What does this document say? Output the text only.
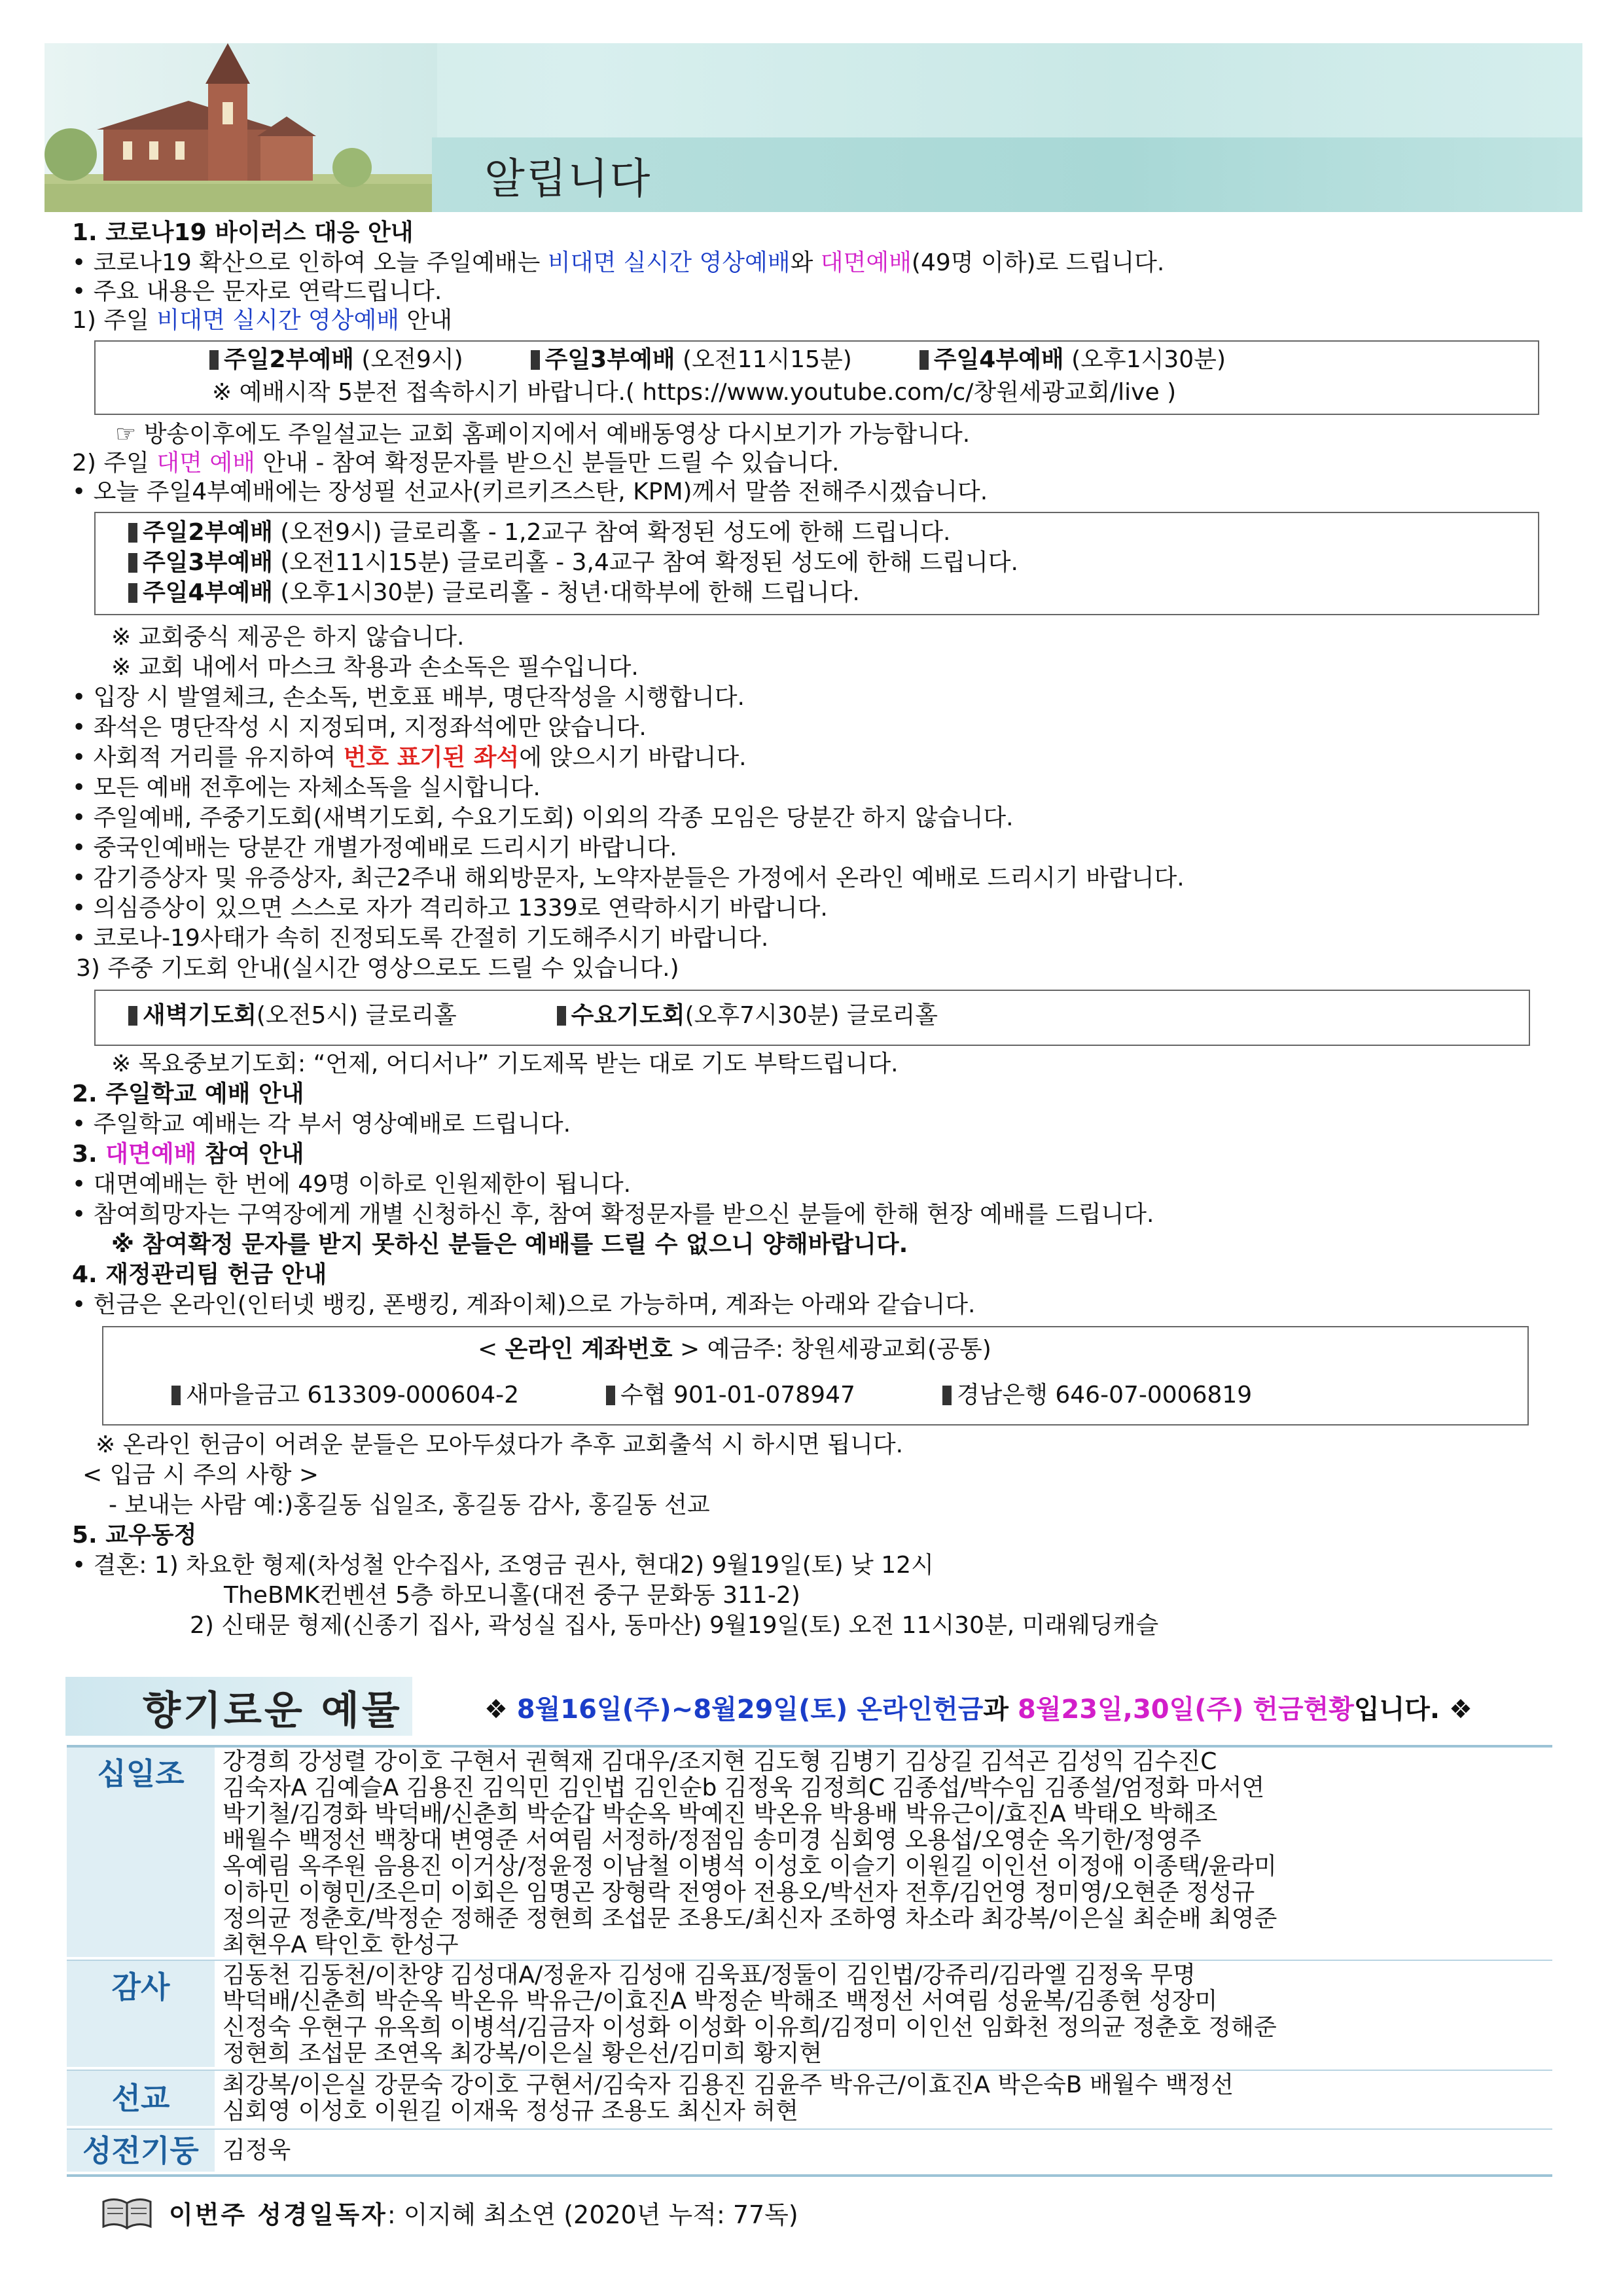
알립니다
1. 코로나19 바이러스 대응 안내
• 코로나19 확산으로 인하여 오늘 주일예배는 비대면 실시간 영상예배와 대면예배(49명 이하)로 드립니다.
• 주요 내용은 문자로 연락드립니다.
1) 주일 비대면 실시간 영상예배 안내
주일2부예배 (오전9시)	주일3부예배 (오전11시15분)	주일4부예배 (오후1시30분)
※ 예배시작 5분전 접속하시기 바랍니다.( https://www.youtube.com/c/창원세광교회/live )
☞ 방송이후에도 주일설교는 교회 홈페이지에서 예배동영상 다시보기가 가능합니다.
2) 주일 대면 예배 안내 - 참여 확정문자를 받으신 분들만 드릴 수 있습니다.
• 오늘 주일4부예배에는 장성필 선교사(키르키즈스탄, KPM)께서 말씀 전해주시겠습니다.
주일2부예배 (오전9시) 글로리홀 - 1,2교구 참여 확정된 성도에 한해 드립니다.
주일3부예배 (오전11시15분) 글로리홀 - 3,4교구 참여 확정된 성도에 한해 드립니다.
주일4부예배 (오후1시30분) 글로리홀 - 청년·대학부에 한해 드립니다.
※ 교회중식 제공은 하지 않습니다.
※ 교회 내에서 마스크 착용과 손소독은 필수입니다.
• 입장 시 발열체크, 손소독, 번호표 배부, 명단작성을 시행합니다.
• 좌석은 명단작성 시 지정되며, 지정좌석에만 앉습니다.
• 사회적 거리를 유지하여 번호 표기된 좌석에 앉으시기 바랍니다.
• 모든 예배 전후에는 자체소독을 실시합니다.
• 주일예배, 주중기도회(새벽기도회, 수요기도회) 이외의 각종 모임은 당분간 하지 않습니다.
• 중국인예배는 당분간 개별가정예배로 드리시기 바랍니다.
• 감기증상자 및 유증상자, 최근2주내 해외방문자, 노약자분들은 가정에서 온라인 예배로 드리시기 바랍니다.
• 의심증상이 있으면 스스로 자가 격리하고 1339로 연락하시기 바랍니다.
• 코로나-19사태가 속히 진정되도록 간절히 기도해주시기 바랍니다.
3) 주중 기도회 안내(실시간 영상으로도 드릴 수 있습니다.)
새벽기도회(오전5시) 글로리홀	수요기도회(오후7시30분) 글로리홀
※ 목요중보기도회: “언제, 어디서나” 기도제목 받는 대로 기도 부탁드립니다.
2. 주일학교 예배 안내
• 주일학교 예배는 각 부서 영상예배로 드립니다.
3. 대면예배 참여 안내
• 대면예배는 한 번에 49명 이하로 인원제한이 됩니다.
• 참여희망자는 구역장에게 개별 신청하신 후, 참여 확정문자를 받으신 분들에 한해 현장 예배를 드립니다.
※ 참여확정 문자를 받지 못하신 분들은 예배를 드릴 수 없으니 양해바랍니다.
4. 재정관리팀 헌금 안내
• 헌금은 온라인(인터넷 뱅킹, 폰뱅킹, 계좌이체)으로 가능하며, 계좌는 아래와 같습니다.
< 온라인 계좌번호 > 예금주: 창원세광교회(공통)
새마을금고 613309-000604-2	수협 901-01-078947	경남은행 646-07-0006819
※ 온라인 헌금이 어려운 분들은 모아두셨다가 추후 교회출석 시 하시면 됩니다.
< 입금 시 주의 사항 >
- 보내는 사람 예:)홍길동 십일조, 홍길동 감사, 홍길동 선교
5. 교우동정
• 결혼: 1) 차요한 형제(차성철 안수집사, 조영금 권사, 현대2) 9월19일(토) 낮 12시
TheBMK컨벤션 5층 하모니홀(대전 중구 문화동 311-2)
2) 신태문 형제(신종기 집사, 곽성실 집사, 동마산) 9월19일(토) 오전 11시30분, 미래웨딩캐슬
향기로운 예물	❖ 8월16일(주)~8월29일(토) 온라인헌금과 8월23일,30일(주) 헌금현황입니다. ❖
십일조	강경희 강성렬 강이호 구현서 권혁재 김대우/조지현 김도형 김병기 김상길 김석곤 김성익 김수진C
김숙자A 김예슬A 김용진 김익민 김인법 김인순b 김정욱 김정희C 김종섭/박수임 김종설/엄정화 마서연
박기철/김경화 박덕배/신춘희 박순갑 박순옥 박예진 박온유 박용배 박유근이/효진A 박태오 박해조
배월수 백정선 백창대 변영준 서여림 서정하/정점임 송미경 심회영 오용섭/오영순 옥기한/정영주
옥예림 옥주원 음용진 이거상/정윤정 이남철 이병석 이성호 이슬기 이원길 이인선 이정애 이종택/윤라미
이하민 이형민/조은미 이회은 임명곤 장형락 전영아 전용오/박선자 전후/김언영 정미영/오현준 정성규
정의균 정춘호/박정순 정해준 정현희 조섭문 조용도/최신자 조하영 차소라 최강복/이은실 최순배 최영준
최현우A 탁인호 한성구
감사	김동천 김동천/이찬양 김성대A/정윤자 김성애 김욱표/정둘이 김인법/강쥬리/김라엘 김정욱 무명
박덕배/신춘희 박순옥 박온유 박유근/이효진A 박정순 박해조 백정선 서여림 성윤복/김종현 성장미
신정숙 우현구 유옥희 이병석/김금자 이성화 이성화 이유희/김정미 이인선 임화천 정의균 정춘호 정해준
정현희 조섭문 조연옥 최강복/이은실 황은선/김미희 황지현
선교	최강복/이은실 강문숙 강이호 구현서/김숙자 김용진 김윤주 박유근/이효진A 박은숙B 배월수 백정선
심회영 이성호 이원길 이재욱 정성규 조용도 최신자 허현
성전기둥	김정욱
이번주 성경일독자: 이지혜 최소연 (2020년 누적: 77독)
